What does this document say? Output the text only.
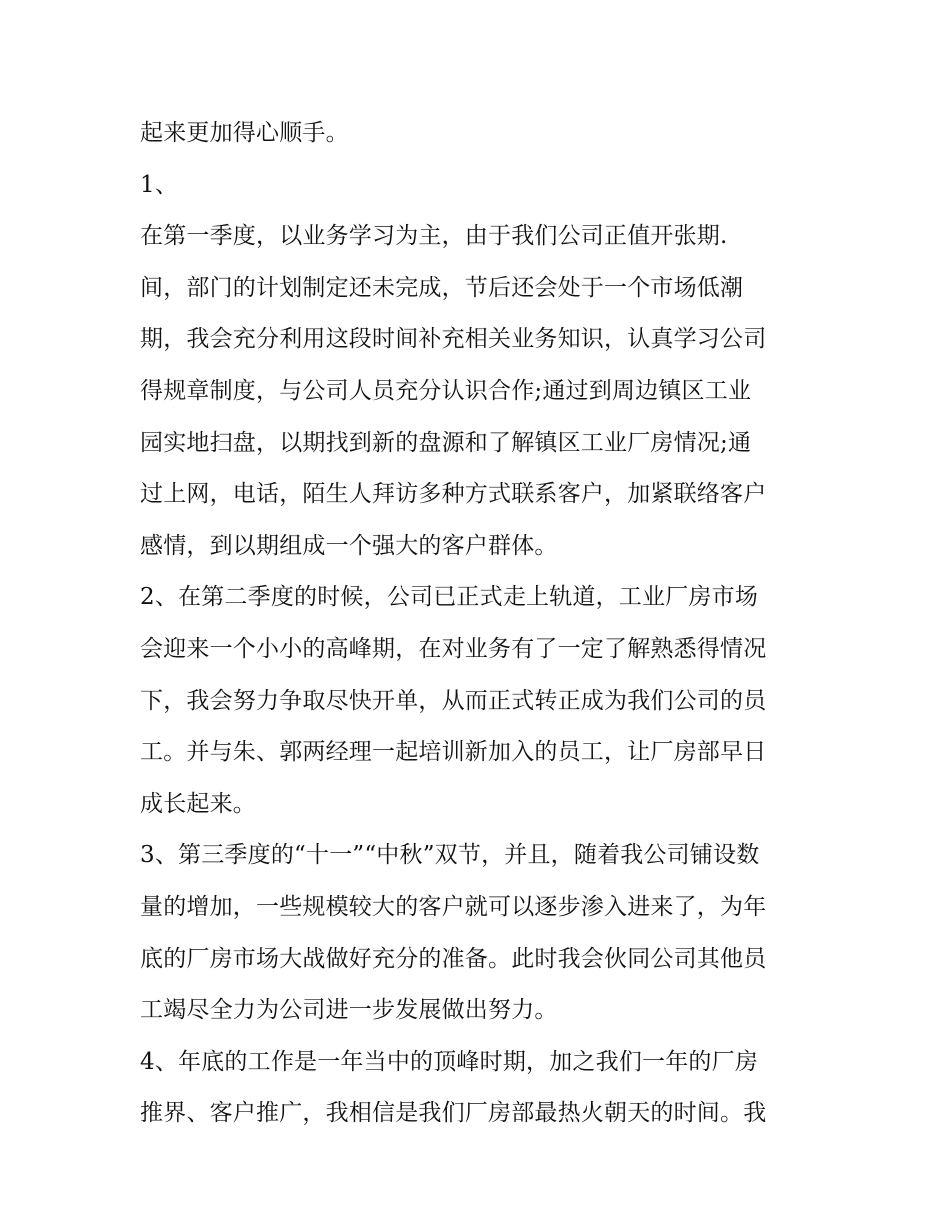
起来更加得心顺手。
1、
在第一季度，以业务学习为主，由于我们公司正值开张期.
间，部门的计划制定还未完成，节后还会处于一个市场低潮
期，我会充分利用这段时间补充相关业务知识，认真学习公司
得规章制度，与公司人员充分认识合作;通过到周边镇区工业
园实地扫盘，以期找到新的盘源和了解镇区工业厂房情况;通
过上网，电话，陌生人拜访多种方式联系客户，加紧联络客户
感情，到以期组成一个强大的客户群体。
2、在第二季度的时候，公司已正式走上轨道，工业厂房市场
会迎来一个小小的高峰期，在对业务有了一定了解熟悉得情况
下，我会努力争取尽快开单，从而正式转正成为我们公司的员
工。并与朱、郭两经理一起培训新加入的员工，让厂房部早日
成长起来。
3、第三季度的“十一”“中秋”双节，并且，随着我公司铺设数
量的增加，一些规模较大的客户就可以逐步渗入进来了，为年
底的厂房市场大战做好充分的准备。此时我会伙同公司其他员
工竭尽全力为公司进一步发展做出努力。
4、年底的工作是一年当中的顶峰时期，加之我们一年的厂房
推界、客户推广，我相信是我们厂房部最热火朝天的时间。我
